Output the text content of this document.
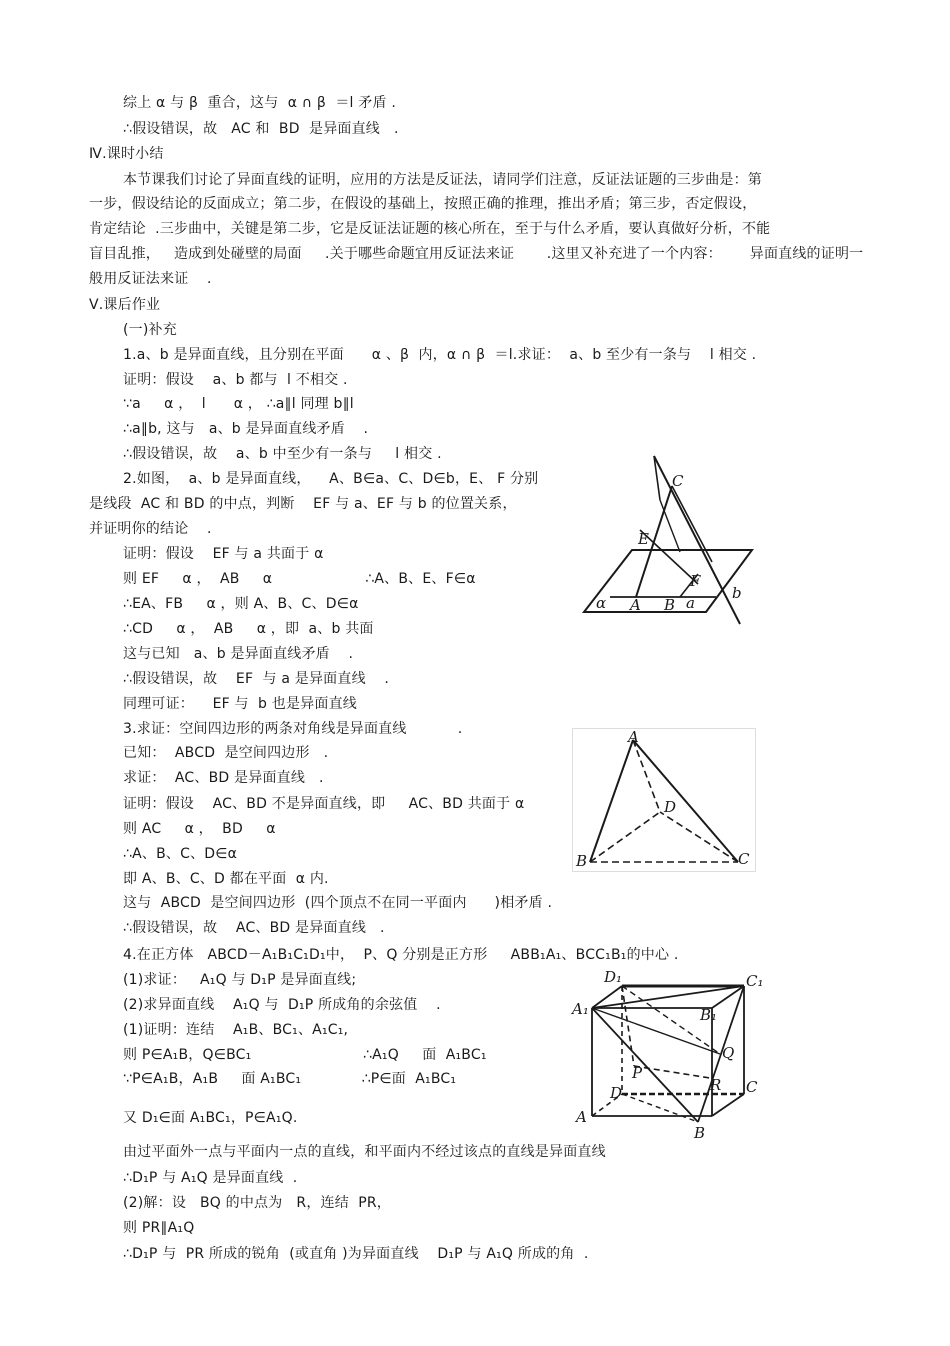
综上 α 与 β  重合，这与  α ∩ β  ＝l 矛盾 .
∴假设错误，故   AC 和  BD  是异面直线   .
Ⅳ.课时小结
本节课我们讨论了异面直线的证明，应用的方法是反证法，请同学们注意，反证法证题的三步曲是：第
一步，假设结论的反面成立；第二步，在假设的基础上，按照正确的推理，推出矛盾；第三步，否定假设，
肯定结论  .三步曲中，关键是第二步，它是反证法证题的核心所在，至于与什么矛盾，要认真做好分析，不能
盲目乱推，   造成到处碰壁的局面     .关于哪些命题宜用反证法来证       .这里又补充进了一个内容：      异面直线的证明一
般用反证法来证    .
Ⅴ.课后作业
(一)补充
1.a、b 是异面直线，且分别在平面      α 、β  内，α ∩ β  ＝l.求证：  a、b 至少有一条与    l 相交 .
证明：假设    a、b 都与  l 不相交 .
∵a     α ，  l      α ， ∴a∥l 同理 b∥l
∴a∥b, 这与   a、b 是异面直线矛盾    .
∴假设错误，故    a、b 中至少有一条与     l 相交 .
2.如图，  a、b 是异面直线，    A、B∈a、C、D∈b，E、 F 分别
是线段  AC 和 BD 的中点，判断    EF 与 a、EF 与 b 的位置关系，
并证明你的结论    .
证明：假设    EF 与 a 共面于 α
则 EF     α ，  AB     α                    ∴A、B、E、F∈α
∴EA、FB     α ，则 A、B、C、D∈α
∴CD     α ，  AB     α ，即  a、b 共面
这与已知   a、b 是异面直线矛盾    .
∴假设错误，故    EF  与 a 是异面直线    .
同理可证：    EF 与  b 也是异面直线
3.求证：空间四边形的两条对角线是异面直线           .
已知：  ABCD  是空间四边形   .
求证：  AC、BD 是异面直线   .
证明：假设    AC、BD 不是异面直线，即     AC、BD 共面于 α
则 AC     α ，  BD     α
∴A、B、C、D∈α
即 A、B、C、D 都在平面  α 内.
这与  ABCD  是空间四边形  (四个顶点不在同一平面内      )相矛盾 .
∴假设错误，故    AC、BD 是异面直线   .
4.在正方体   ABCD－A₁B₁C₁D₁中，  P、Q 分别是正方形     ABB₁A₁、BCC₁B₁的中心 .
(1)求证：   A₁Q 与 D₁P 是异面直线;
(2)求异面直线    A₁Q 与  D₁P 所成角的余弦值    .
(1)证明：连结    A₁B、BC₁、A₁C₁,
则 P∈A₁B，Q∈BC₁                        ∴A₁Q     面  A₁BC₁
∵P∈A₁B，A₁B     面 A₁BC₁             ∴P∈面  A₁BC₁
又 D₁∈面 A₁BC₁，P∈A₁Q.
由过平面外一点与平面内一点的直线，和平面内不经过该点的直线是异面直线
∴D₁P 与 A₁Q 是异面直线  .
(2)解：设   BQ 的中点为   R，连结  PR，
则 PR∥A₁Q
∴D₁P 与  PR 所成的锐角  (或直角 )为异面直线    D₁P 与 A₁Q 所成的角  .
C
E
F
α A B a
b
A
D
B	C
D₁	C₁
A₁	B₁
Q
P
R
D	C
A
B
